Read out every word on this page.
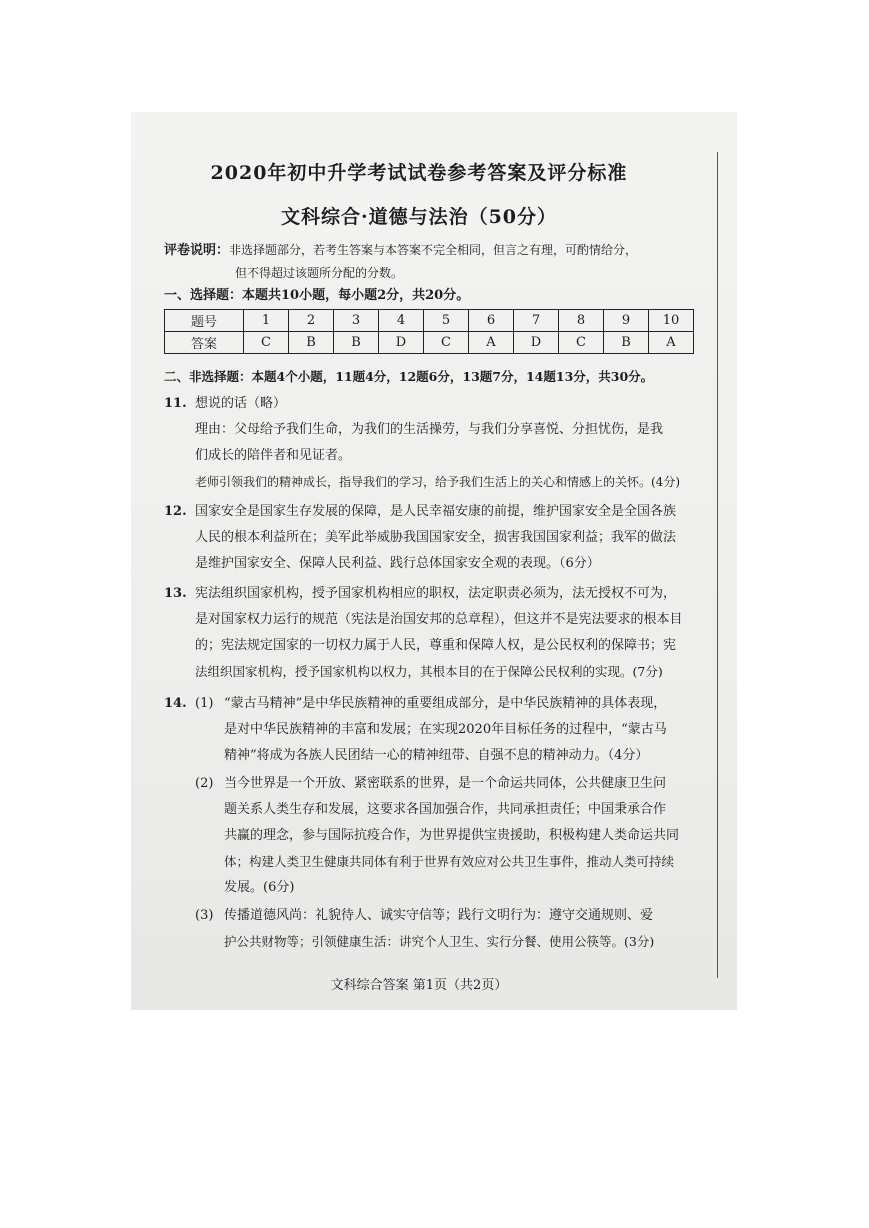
2020年初中升学考试试卷参考答案及评分标准
文科综合·道德与法治（50分）
评卷说明：非选择题部分，若考生答案与本答案不完全相同，但言之有理，可酌情给分，
但不得超过该题所分配的分数。
一、选择题：本题共10小题，每小题2分，共20分。
题号	1	2	3	4	5	6	7	8	9	10
答案	C	B	B	D	C	A	D	C	B	A
二、非选择题：本题4个小题，11题4分，12题6分，13题7分，14题13分，共30分。
11. 想说的话（略）
理由：父母给予我们生命，为我们的生活操劳，与我们分享喜悦、分担忧伤，是我
们成长的陪伴者和见证者。
老师引领我们的精神成长，指导我们的学习，给予我们生活上的关心和情感上的关怀。(4分)
12. 国家安全是国家生存发展的保障，是人民幸福安康的前提，维护国家安全是全国各族
人民的根本利益所在；美军此举威胁我国国家安全，损害我国国家利益；我军的做法
是维护国家安全、保障人民利益、践行总体国家安全观的表现。（6分）
13. 宪法组织国家机构，授予国家机构相应的职权，法定职责必须为，法无授权不可为，
是对国家权力运行的规范（宪法是治国安邦的总章程），但这并不是宪法要求的根本目
的；宪法规定国家的一切权力属于人民，尊重和保障人权，是公民权利的保障书；宪
法组织国家机构，授予国家机构以权力，其根本目的在于保障公民权利的实现。(7分)
14. (1) “蒙古马精神”是中华民族精神的重要组成部分，是中华民族精神的具体表现，
是对中华民族精神的丰富和发展；在实现2020年目标任务的过程中，“蒙古马
精神”将成为各族人民团结一心的精神纽带、自强不息的精神动力。（4分）
(2) 当今世界是一个开放、紧密联系的世界，是一个命运共同体，公共健康卫生问
题关系人类生存和发展，这要求各国加强合作，共同承担责任；中国秉承合作
共赢的理念，参与国际抗疫合作，为世界提供宝贵援助，积极构建人类命运共同
体；构建人类卫生健康共同体有利于世界有效应对公共卫生事件，推动人类可持续
发展。(6分)
(3) 传播道德风尚：礼貌待人、诚实守信等；践行文明行为：遵守交通规则、爱
护公共财物等；引领健康生活：讲究个人卫生、实行分餐、使用公筷等。(3分)
文科综合答案 第1页（共2页）
